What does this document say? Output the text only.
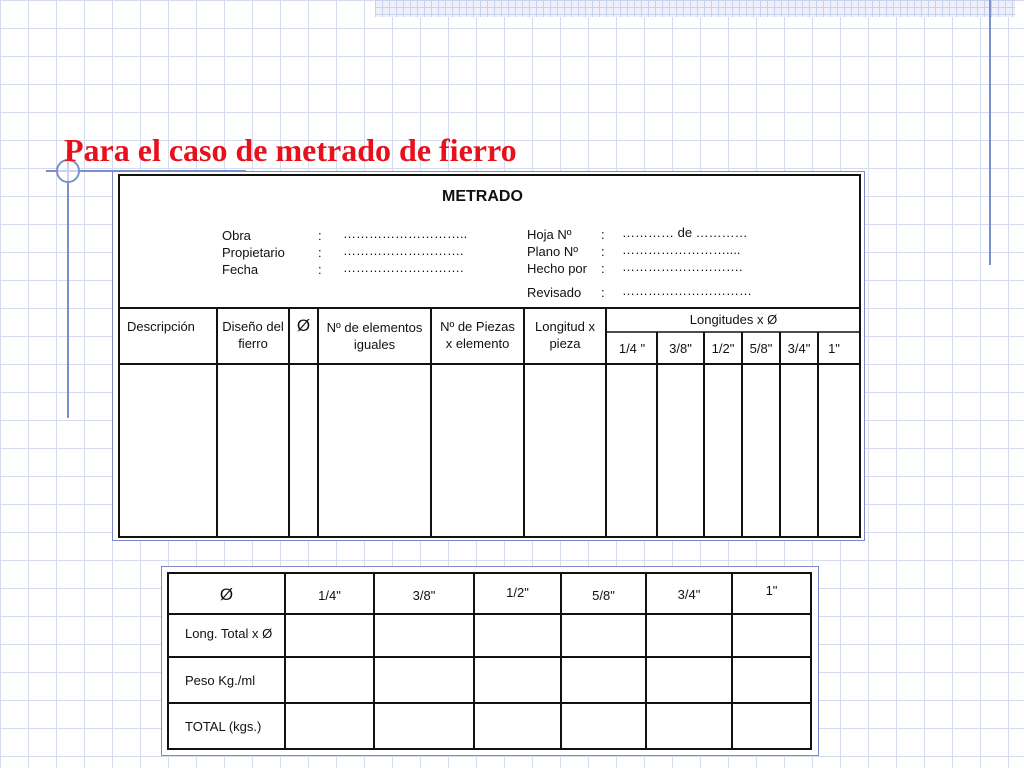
Para el caso de metrado de fierro
METRADO
Obra	: ………………………..
Propietario	: ……………………….
Fecha	: ……………………….
Hoja Nº : ………… de …………
Plano Nº : ……………………....
Hecho por : ……………………….
Revisado : …………………………
Descripción	Diseño del
fierro
Ø	Nº de elementos
iguales
Nº de Piezas
x elemento
Longitud x
pieza
Longitudes x Ø
1/4 "	3/8"	1/2"	5/8"	3/4"	1"
Ø	1/4"	3/8"	1/2"	5/8"	3/4"	1"
Long. Total x Ø
Peso Kg./ml
TOTAL (kgs.)
